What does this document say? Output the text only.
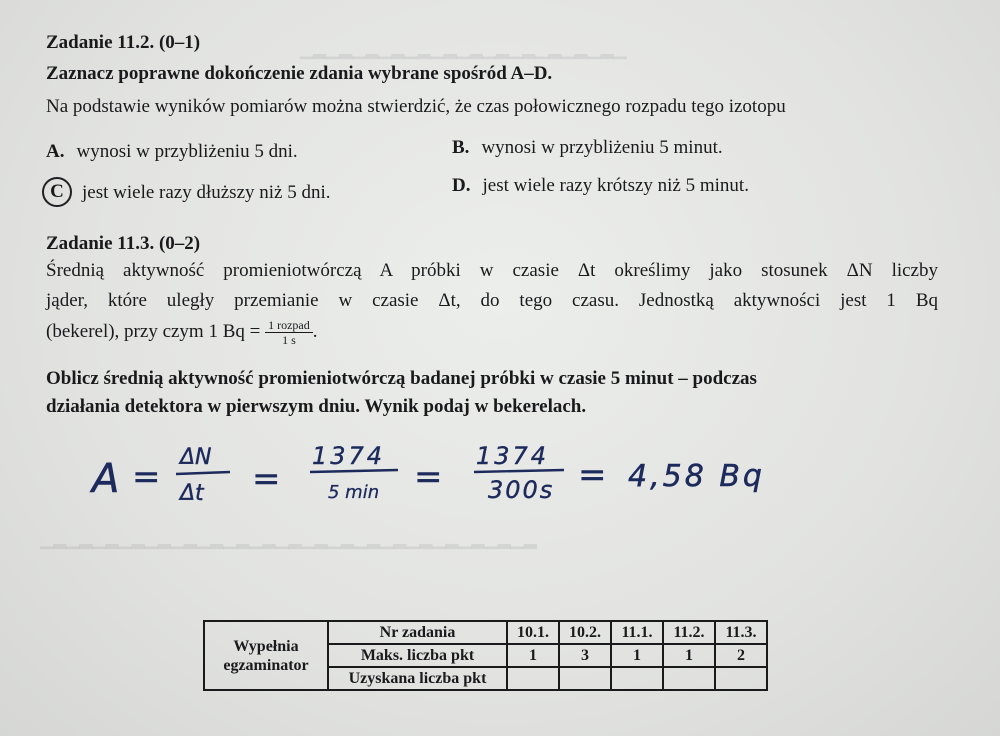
▁▂▁▂▁▂▁▂▁▂▁▂▁▂▁▂▁▂▁▂▁▂▁▂▁
Zadanie 11.2. (0–1)
Zaznacz poprawne dokończenie zdania wybrane spośród A–D.
Na podstawie wyników pomiarów można stwierdzić, że czas połowicznego rozpadu tego izotopu
A. wynosi w przybliżeniu 5 dni.	B. wynosi w przybliżeniu 5 minut.
C jest wiele razy dłuższy niż 5 dni.	D. jest wiele razy krótszy niż 5 minut.
Zadanie 11.3. (0–2)
Średnią aktywność promieniotwórczą A próbki w czasie Δt określimy jako stosunek ΔN liczby
jąder, które uległy przemianie w czasie Δt, do tego czasu. Jednostką aktywności jest 1 Bq
(bekerel), przy czym 1 $Bq = \frac{\text{1 rozpad}}{1 s}$ .
Oblicz średnią aktywność promieniotwórczą badanej próbki w czasie 5 minut – podczas
działania detektora w pierwszym dniu. Wynik podaj w bekerelach.
A = ΔN
Δt =
1374
5 min =
1374
300s = 4,58 Bq
▁▂▁▂▁▂▁▂▁▂▁▂▁▂▁▂▁▂▁▂▁▂▁▂▁▂▁▂▁▂▁▂▁▂▁▂▁▂
Wypełnia
egzaminator	Nr zadania	10.1.	10.2.	11.1.	11.2.	11.3.
	Maks. liczba pkt	1	3	1	1	2
	Uzyskana liczba pkt					
